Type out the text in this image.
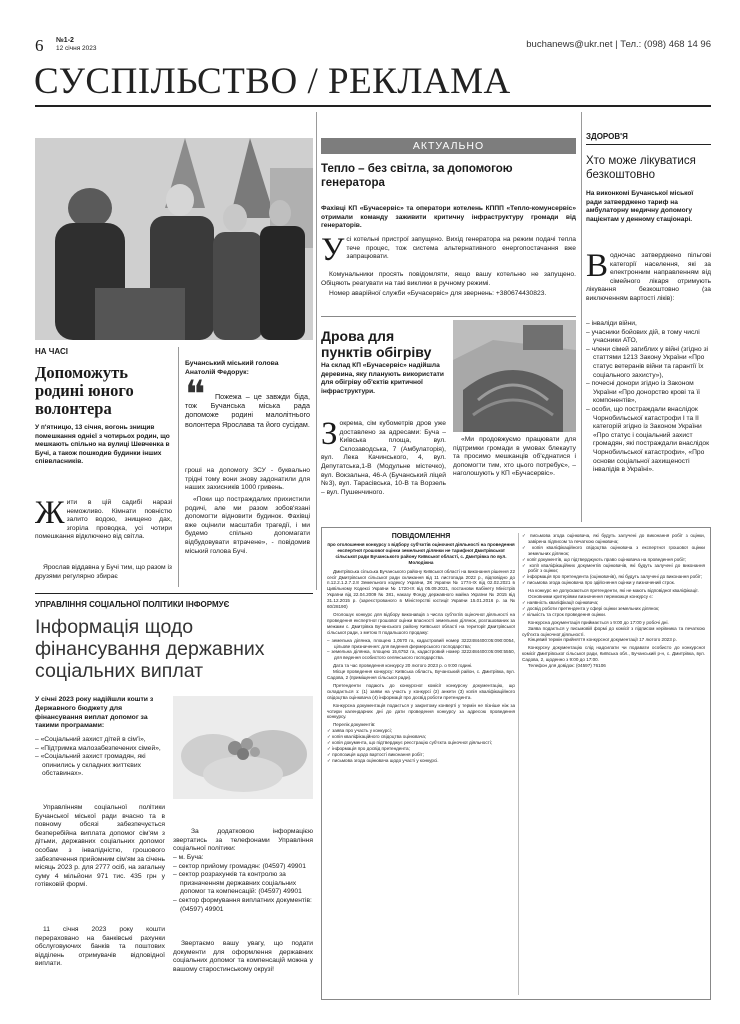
6 №1-2
12 січня 2023	buchanews@ukr.net | Тел.: (098) 468 14 96
СУСПІЛЬСТВО / РЕКЛАМА
НА ЧАСІ
Допоможуть родині юного волонтера
У п'ятницю, 13 січня, вогонь знищив помешкання однієї з чотирьох родин, що мешкають спільно на вулиці Шевченка в Бучі, а також пошкодив будинки інших співвласників.
Жити в цій садибі наразі неможливо. Кімнати повністю залито водою, знищено дах, згоріла проводка, усі чотири помешкання відключено від світла.
Ярослав віддавна у Бучі тим, що разом із друзями регулярно збирає
Бучанський міський голова Анатолій Федорук:
❝	Пожежа – це завжди біда, тож Бучанська міська рада допоможе родині малолітнього волонтера Ярослава та його сусідам.
гроші на допомогу ЗСУ - буквально трідні тому вони знову задонатили для наших захисників 1000 гривень.
«Поки що постраждалих прихистили родичі, але ми разом зобов'язані допомогти відновити будинок. Фахівці вже оцінили масштаби трагедії, і ми будемо спільно допомагати відбудовувати втрачене», - повідомив міський голова Бучі.
АКТУАЛЬНО
Тепло – без світла, за допомогою генератора
Фахівці КП «Бучасервіс» та оператори котелень КППП «Тепло-комунсервіс» отримали команду заживити критичну інфраструктуру громади від генераторів.
Усі котельні пристрої запущено. Вихід генератора на режим подачі тепла тече процес, тож система альтернативного енергопостачання вже запрацювати.
Комунальники просять повідомляти, якщо вашу котельню не запущено. Обіцяють реагувати на такі виклики в ручному режимі.
Номер аварійної служби «Бучасервіс» для звернень: +380674430823.
Дрова для пунктів обігріву
На склад КП «Бучасервіс» надійшла деревина, яку планують використати для обігріву об'єктів критичної інфраструктури.
Зокрема, сім кубометрів дров уже доставлено за адресами: Буча – Київська площа, вул. Склозаводська, 7 (Амбулаторія), вул. Лека Качинського, 4, вул. Депутатська,1-В (Модульне містечко), вул. Вокзальна, 46-А (Бучанський ліцей №3), вул. Тарасівська, 10-В та Ворзель – вул. Пушенчиного.
«Ми продовжуємо працювати для підтримки громади в умовах блекауту та просимо мешканців об'єднатися і допомогти тим, хто цього потребує», – наголошують у КП «Бучасервіс».
ЗДОРОВ'Я
Хто може лікуватися безкоштовно
На виконкомі Бучанської міської ради затверджено тариф на амбулаторну медичну допомогу пацієнтам у денному стаціонарі.
Водночас затверджено пільгові категорії населення, які за електронним направленням від сімейного лікаря отримують лікування безкоштовно (за виключенням вартості ліків):
– інваліди війни,
– учасники бойових дій, в тому числі учасники АТО,
– члени сімей загиблих у війні (згідно зі статтями 1213 Закону України «Про статус ветеранів війни та гарантії їх соціального захисту»),
– почесні донори згідно із Законом України «Про донорство крові та її компонентів»,
– особи, що постраждали внаслідок Чорнобильської катастрофи І та ІІ категорій згідно із Законом України «Про статус і соціальний захист громадян, які постраждали внаслідок Чорнобильської катастрофи», «Про основи соціальної захищеності інвалідів в Україні».
УПРАВЛІННЯ СОЦІАЛЬНОЇ ПОЛІТИКИ ІНФОРМУЄ
Інформація щодо фінансування державних соціальних виплат
У січні 2023 року надійшли кошти з Державного бюджету для фінансування виплат допомог за такими програмами:
– «Соціальний захист дітей в сім'ї»,
– «Підтримка малозабезпечених сімей»,
– «Соціальний захист громадян, які опинились у складних життєвих обставинах».
Управлінням соціальної політики Бучанської міської ради вчасно та в повному обсязі забезпечується безперебійна виплата допомог сім'ям з дітьми, державних соціальних допомог особам з інвалідністю, грошового забезпечення прийомним сім'ям за січень місяць 2023 р. для 2777 осіб, на загальну суму 4 мільйони 971 тис. 435 грн у готівковій формі.
11 січня 2023 року кошти перераховано на банківські рахунки обслуговуючих банків та поштових відділень отримувачів відповідної виплати.
За додатковою інформацією звертатись за телефонами Управління соціальної політики:
– м. Буча:
– сектор прийому громадян: (04597) 49901
– сектор розрахунків та контролю за призначенням державних соціальних допомог та компенсацій: (04597) 49901
– сектор формування виплатних документів: (04597) 49901
Звертаємо вашу увагу, що подати документи для оформлення державних соціальних допомог та компенсацій можна у вашому старостинському окрузі!
ПОВІДОМЛЕННЯ
про оголошення конкурсу з відбору суб'єктів оціночної діяльності на проведення експертної грошової оцінки земельної ділянки не тарифної Дмитрівської сільської ради Бучанського району Київської області, с. Дмитрівка по вул. Молодіжна

Дмитрівська сільська Бучанського району Київської області на виконання рішення 22 сесії Дмитрівської сільської ради скликання від 11 листопада 2022 р., відповідно до п.12.2.1.2.7.2.8 Земельного кодексу України, ЗК України № 1774-IX від 02.02.2021 в Цивільному Кодексі України № 1720-IX від 05.09.2021, постанови Кабінету Міністрів України від 22.04.2009 № 381, наказу Фонду державного майна України № 2015 від 31.12.2015 р. (зареєстрованого в Міністерстві юстиції України 15.01.2016 р. за № 60/28190)

Оголошує конкурс для відбору виконавців з числа суб'єктів оціночної діяльності на проведення експертної грошової оцінки власності земельних ділянок, розташованих за межами с. Дмитрівка Бучанського району Київської області на території Дмитрівської сільської ради, з метою її подальшого продажу:

– земельна ділянка, площею 1,0570 га, кадастровий номер 3222484400:05:090:0054, цільове призначення: для ведення фермерського господарства;
– земельна ділянка, площею 15,6752 га, кадастровий номер 3222484400:05:090:5550, для ведення особистого селянського господарства.

Дата та час проведення конкурсу 20 лютого 2023 р. о 9:00 годині.

Місце проведення конкурсу: Київська область, Бучанський район, с. Дмитрівка, вул. Садова, 2 (приміщення сільської ради).

Претенденти подають до конкурсної комісії конкурсну документацію, що складається з: (1) заяви на участь у конкурсі (2) анкети (3) копія кваліфікаційного свідоцтва оцінювача (4) інформації про досвід роботи претендента.

Конкурсна документація подається у закритому конверті у термін не пізніше ніж за чотири календарних дні до дати проведення конкурсу за адресою проведення конкурсу.

Перелік документів:

✓ заява про участь у конкурсі;
✓ копія кваліфікаційного свідоцтва оцінювача;
✓ копія документа, що підтверджує реєстрацію суб'єкта оціночної діяльності;
✓ інформація про досвід претендента;
✓ пропозиція щодо вартості виконання робіт;
✓ письмова згода оцінювача щодо участі у конкурсі.
✓ письмова згода оцінювача, які будуть залучені до виконання робіт з оцінки, завірена підписом та печаткою оцінювача;
✓ копія кваліфікаційного свідоцтва оцінювача з експертної грошової оцінки земельних ділянок;
✓ копії документів, що підтверджують право оцінювача на проведення робіт;
✓ копії кваліфікаційних документів оцінювачів, які будуть залучені до виконання робіт з оцінки;
✓ інформація про претендента (оцінювачів), які будуть залучені до виконання робіт;
✓ письмова згода оцінювача про здійснення оцінки у визначений строк.

На конкурс не допускаються претенденти, які не мають відповідної кваліфікації.

Основними критеріями визначення переможця конкурсу є:

✓ наявність кваліфікації оцінювача;
✓ досвід роботи претендента у сфері оцінки земельних ділянок;
✓ кількість та строк проведення оцінки.

Конкурсна документація приймається з 9:00 до 17:00 у робочі дні.

Заява подається у письмовій формі до комісії з підписом керівника та печаткою суб'єкта оціночної діяльності.

Кінцевий термін прийняття конкурсної документації 17 лютого 2023 р.

Конкурсну документацію слід надсилати чи подавати особисто до конкурсної комісії Дмитрівської сільської ради, Київська обл., Бучанський р-н, с. Дмитрівка, вул. Садова, 2, щоденно з 9:00 до 17:00.

Телефон для довідок: (04597) 76106
